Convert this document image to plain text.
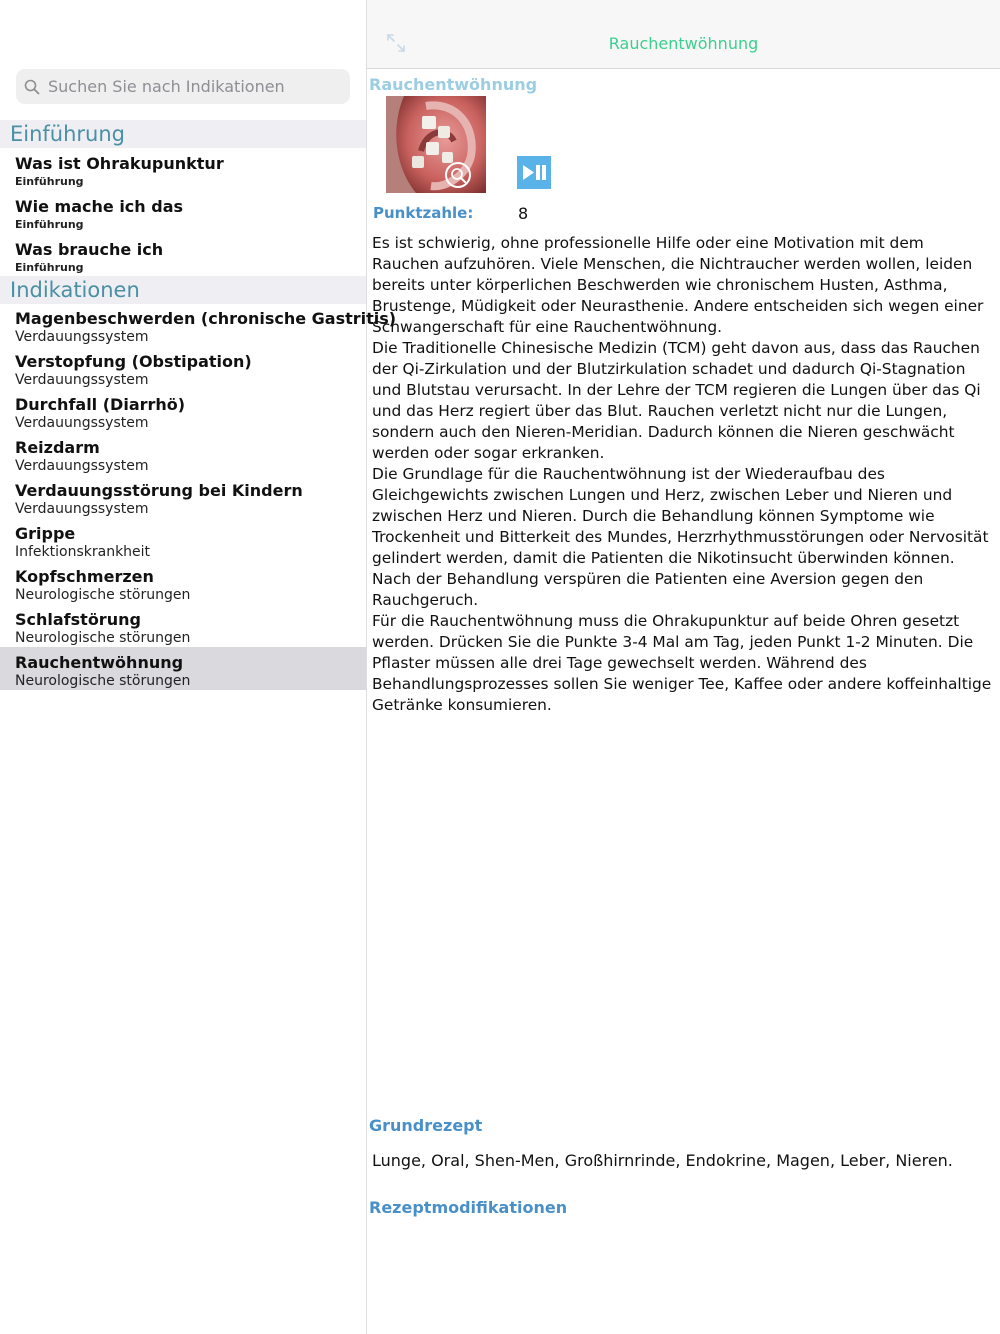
Suchen Sie nach Indikationen
Einführung
Was ist Ohrakupunktur
Einführung
Wie mache ich das
Einführung
Was brauche ich
Einführung
Indikationen
Magenbeschwerden (chronische Gastritis)
Verdauungssystem
Verstopfung (Obstipation)
Verdauungssystem
Durchfall (Diarrhö)
Verdauungssystem
Reizdarm
Verdauungssystem
Verdauungsstörung bei Kindern
Verdauungssystem
Grippe
Infektionskrankheit
Kopfschmerzen
Neurologische störungen
Schlafstörung
Neurologische störungen
Rauchentwöhnung
Neurologische störungen
Rauchentwöhnung
Rauchentwöhnung
Punktzahle:	8
Es ist schwierig, ohne professionelle Hilfe oder eine Motivation mit dem Rauchen aufzuhören. Viele Menschen, die Nichtraucher werden wollen, leiden bereits unter körperlichen Beschwerden wie chronischem Husten, Asthma, Brustenge, Müdigkeit oder Neurasthenie. Andere entscheiden sich wegen einer Schwangerschaft für eine Rauchentwöhnung.
Die Traditionelle Chinesische Medizin (TCM) geht davon aus, dass das Rauchen der Qi-Zirkulation und der Blutzirkulation schadet und dadurch Qi-Stagnation und Blutstau verursacht. In der Lehre der TCM regieren die Lungen über das Qi und das Herz regiert über das Blut. Rauchen verletzt nicht nur die Lungen, sondern auch den Nieren-Meridian. Dadurch können die Nieren geschwächt werden oder sogar erkranken.
Die Grundlage für die Rauchentwöhnung ist der Wiederaufbau des Gleichgewichts zwischen Lungen und Herz, zwischen Leber und Nieren und zwischen Herz und Nieren. Durch die Behandlung können Symptome wie Trockenheit und Bitterkeit des Mundes, Herzrhythmusstörungen oder Nervosität gelindert werden, damit die Patienten die Nikotinsucht überwinden können.
Nach der Behandlung verspüren die Patienten eine Aversion gegen den Rauchgeruch.
Für die Rauchentwöhnung muss die Ohrakupunktur auf beide Ohren gesetzt werden. Drücken Sie die Punkte 3-4 Mal am Tag, jeden Punkt 1-2 Minuten. Die Pflaster müssen alle drei Tage gewechselt werden. Während des Behandlungsprozesses sollen Sie weniger Tee, Kaffee oder andere koffeinhaltige Getränke konsumieren.
Grundrezept
Lunge, Oral, Shen-Men, Großhirnrinde, Endokrine, Magen, Leber, Nieren.
Rezeptmodifikationen
